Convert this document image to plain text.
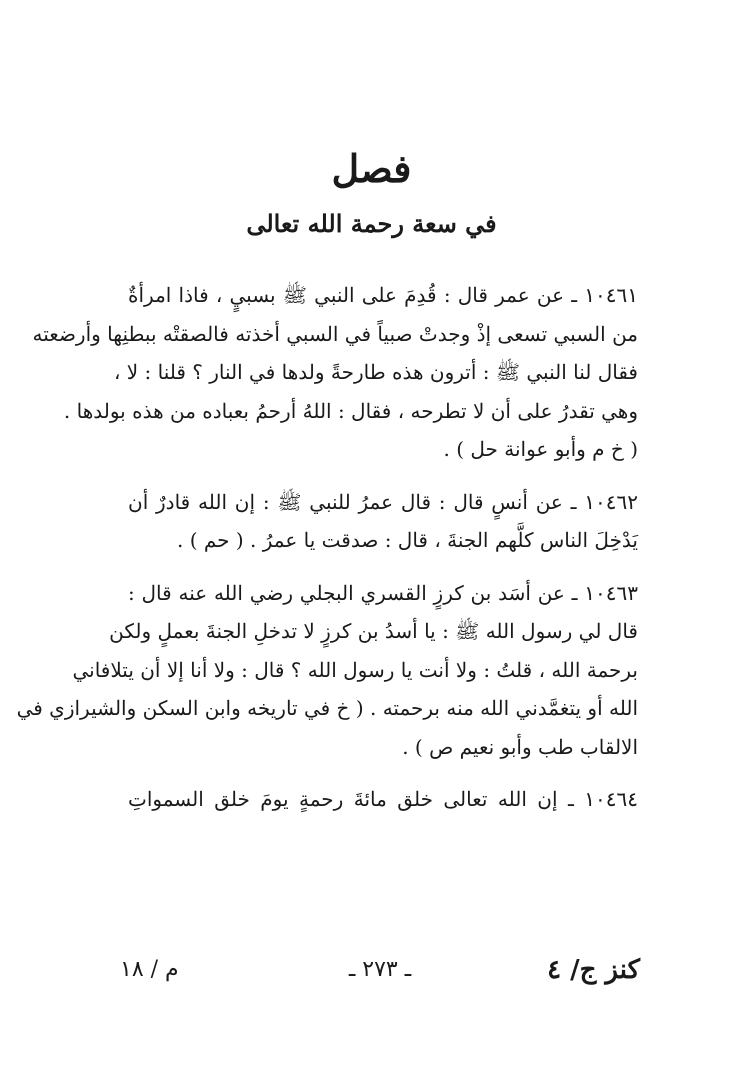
فصل
في سعة رحمة الله تعالى

١٠٤٦١ ـ عن عمر قال : قُدِمَ على النبي ﷺ بسبيٍ ، فاذا امرأةٌ
من السبي تسعى إذْ وجدتْ صبياً في السبي أخذته فالصقتْه ببطنِها وأرضعته
فقال لنا النبي ﷺ : أترون هذه طارحةً ولدها في النار ؟ قلنا : لا ،
وهي تقدرُ على أن لا تطرحه ، فقال : اللهُ أرحمُ بعباده من هذه بولدها .
( خ م وأبو عوانة حل ) .

١٠٤٦٢ ـ عن أنسٍ قال : قال عمرُ للنبي ﷺ : إن الله قادرٌ أن
يَدْخِلَ الناس كلَّهم الجنةَ ، قال : صدقت يا عمرُ . ( حم ) .

١٠٤٦٣ ـ عن أسَد بن كرزٍ القسري البجلي رضي الله عنه قال :
قال لي رسول الله ﷺ : يا أسدُ بن كرزٍ لا تدخلِ الجنةَ بعملٍ ولكن
برحمة الله ، قلتُ : ولا أنت يا رسول الله ؟ قال : ولا أنا إلا أن يتلافاني
الله أو يتغمَّدني الله منه برحمته . ( خ في تاريخه وابن السكن والشيرازي في
الالقاب طب وأبو نعيم ص ) .

١٠٤٦٤ ـ إن الله تعالى خلق مائةَ رحمةٍ يومَ خلق السمواتِ

كنز ج/ ٤
ـ ٢٧٣ ـ
م / ١٨
